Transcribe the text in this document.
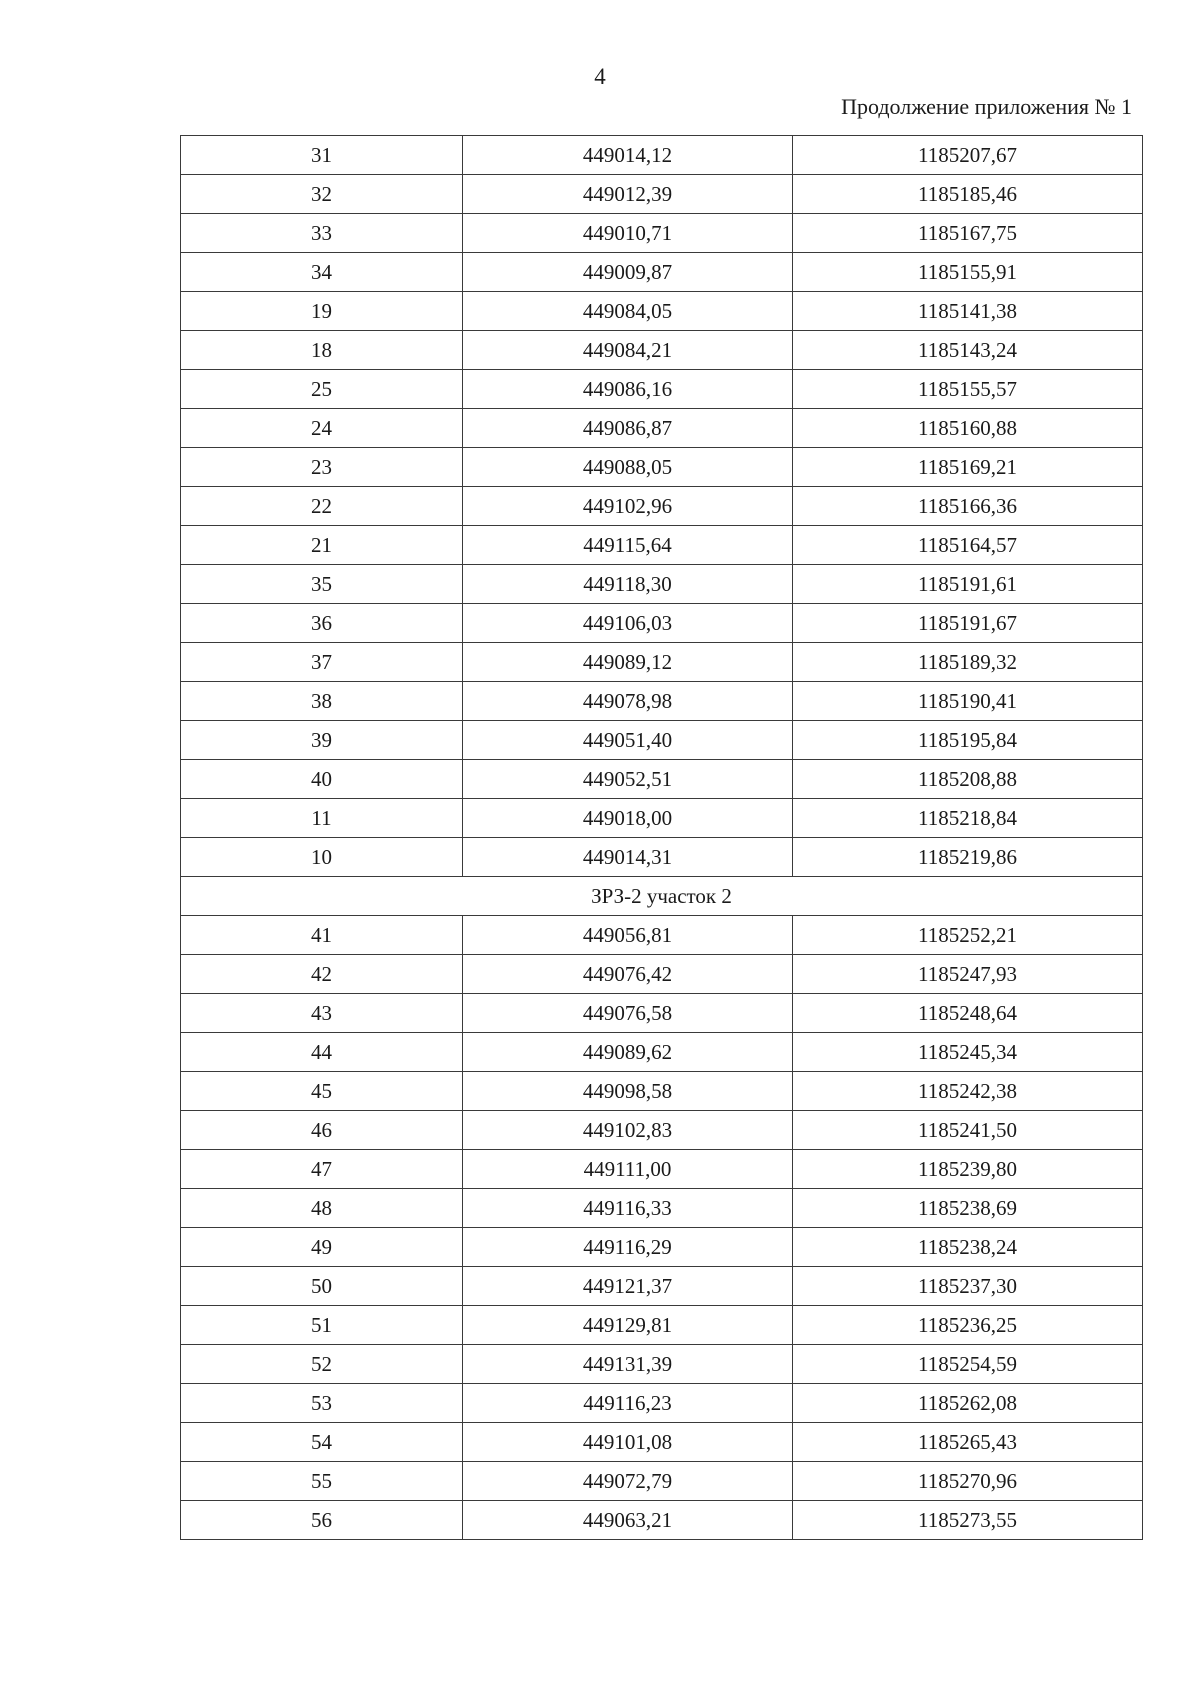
4
Продолжение приложения № 1
31	449014,12	1185207,67
32	449012,39	1185185,46
33	449010,71	1185167,75
34	449009,87	1185155,91
19	449084,05	1185141,38
18	449084,21	1185143,24
25	449086,16	1185155,57
24	449086,87	1185160,88
23	449088,05	1185169,21
22	449102,96	1185166,36
21	449115,64	1185164,57
35	449118,30	1185191,61
36	449106,03	1185191,67
37	449089,12	1185189,32
38	449078,98	1185190,41
39	449051,40	1185195,84
40	449052,51	1185208,88
11	449018,00	1185218,84
10	449014,31	1185219,86
ЗРЗ-2 участок 2		
41	449056,81	1185252,21
42	449076,42	1185247,93
43	449076,58	1185248,64
44	449089,62	1185245,34
45	449098,58	1185242,38
46	449102,83	1185241,50
47	449111,00	1185239,80
48	449116,33	1185238,69
49	449116,29	1185238,24
50	449121,37	1185237,30
51	449129,81	1185236,25
52	449131,39	1185254,59
53	449116,23	1185262,08
54	449101,08	1185265,43
55	449072,79	1185270,96
56	449063,21	1185273,55
